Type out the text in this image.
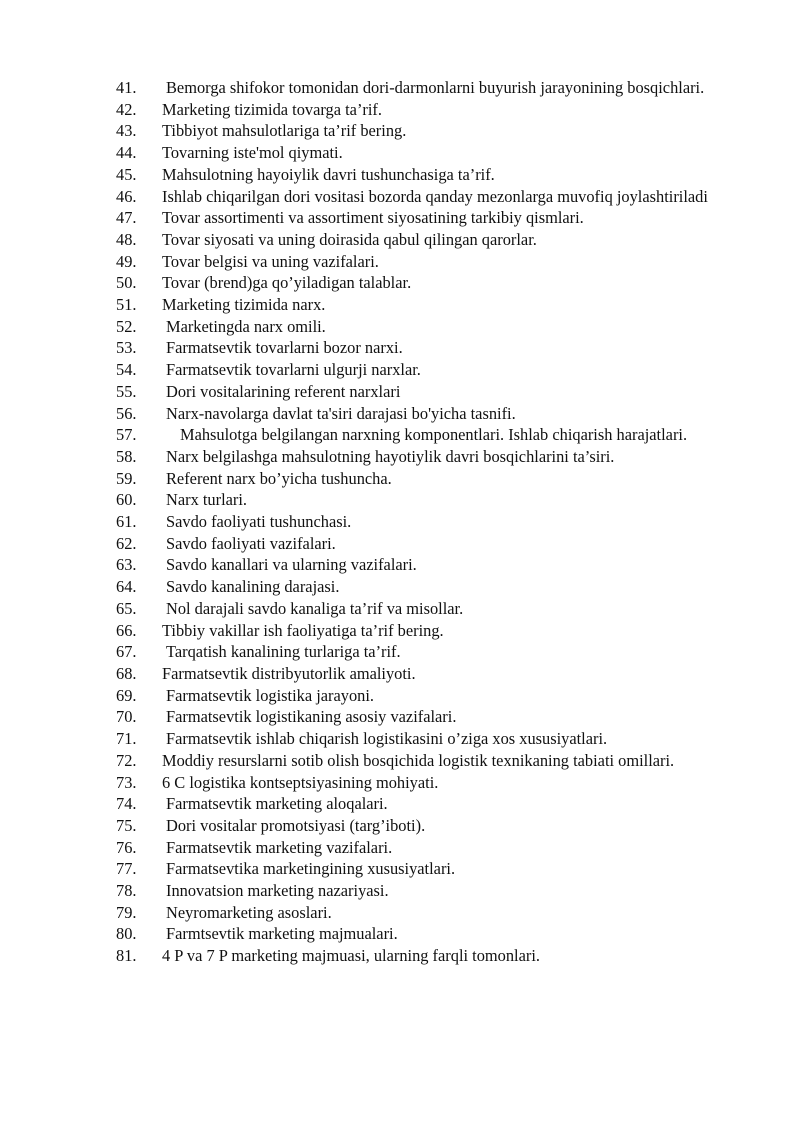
41.	Bemorga shifokor tomonidan dori-darmonlarni buyurish jarayonining bosqichlari.
42.	Marketing tizimida tovarga ta’rif.
43.	Tibbiyot mahsulotlariga ta’rif bering.
44.	Tovarning iste'mol qiymati.
45.	Mahsulotning hayoiylik davri tushunchasiga ta’rif.
46.	Ishlab chiqarilgan dori vositasi bozorda qanday mezonlarga muvofiq joylashtiriladi
47.	Tovar assortimenti va assortiment siyosatining tarkibiy qismlari.
48.	Tovar siyosati va uning doirasida qabul qilingan qarorlar.
49.	Tovar belgisi va uning vazifalari.
50.	Tovar (brend)ga qo’yiladigan talablar.
51.	Marketing tizimida narx.
52.	Marketingda narx omili.
53.	Farmatsevtik tovarlarni bozor narxi.
54.	Farmatsevtik tovarlarni ulgurji narxlar.
55.	Dori vositalarining referent narxlari
56.	Narx-navolarga davlat ta'siri darajasi bo'yicha tasnifi.
57.	Mahsulotga belgilangan narxning komponentlari. Ishlab chiqarish harajatlari.
58.	Narx belgilashga mahsulotning hayotiylik davri bosqichlarini ta’siri.
59.	Referent narx bo’yicha tushuncha.
60.	Narx turlari.
61.	Savdo faoliyati tushunchasi.
62.	Savdo faoliyati vazifalari.
63.	Savdo kanallari va ularning vazifalari.
64.	Savdo kanalining darajasi.
65.	Nol darajali savdo kanaliga ta’rif va misollar.
66.	Tibbiy vakillar ish faoliyatiga ta’rif bering.
67.	Tarqatish kanalining turlariga ta’rif.
68.	Farmatsevtik distribyutorlik amaliyoti.
69.	Farmatsevtik logistika jarayoni.
70.	Farmatsevtik logistikaning asosiy vazifalari.
71.	Farmatsevtik ishlab chiqarish logistikasini o’ziga xos xususiyatlari.
72.	Moddiy resurslarni sotib olish bosqichida logistik texnikaning tabiati omillari.
73.	6 C logistika kontseptsiyasining mohiyati.
74.	Farmatsevtik marketing aloqalari.
75.	Dori vositalar promotsiyasi (targ’iboti).
76.	Farmatsevtik marketing vazifalari.
77.	Farmatsevtika marketingining xususiyatlari.
78.	Innovatsion marketing nazariyasi.
79.	Neyromarketing asoslari.
80.	Farmtsevtik marketing majmualari.
81.	4 P va 7 P marketing majmuasi, ularning farqli tomonlari.
